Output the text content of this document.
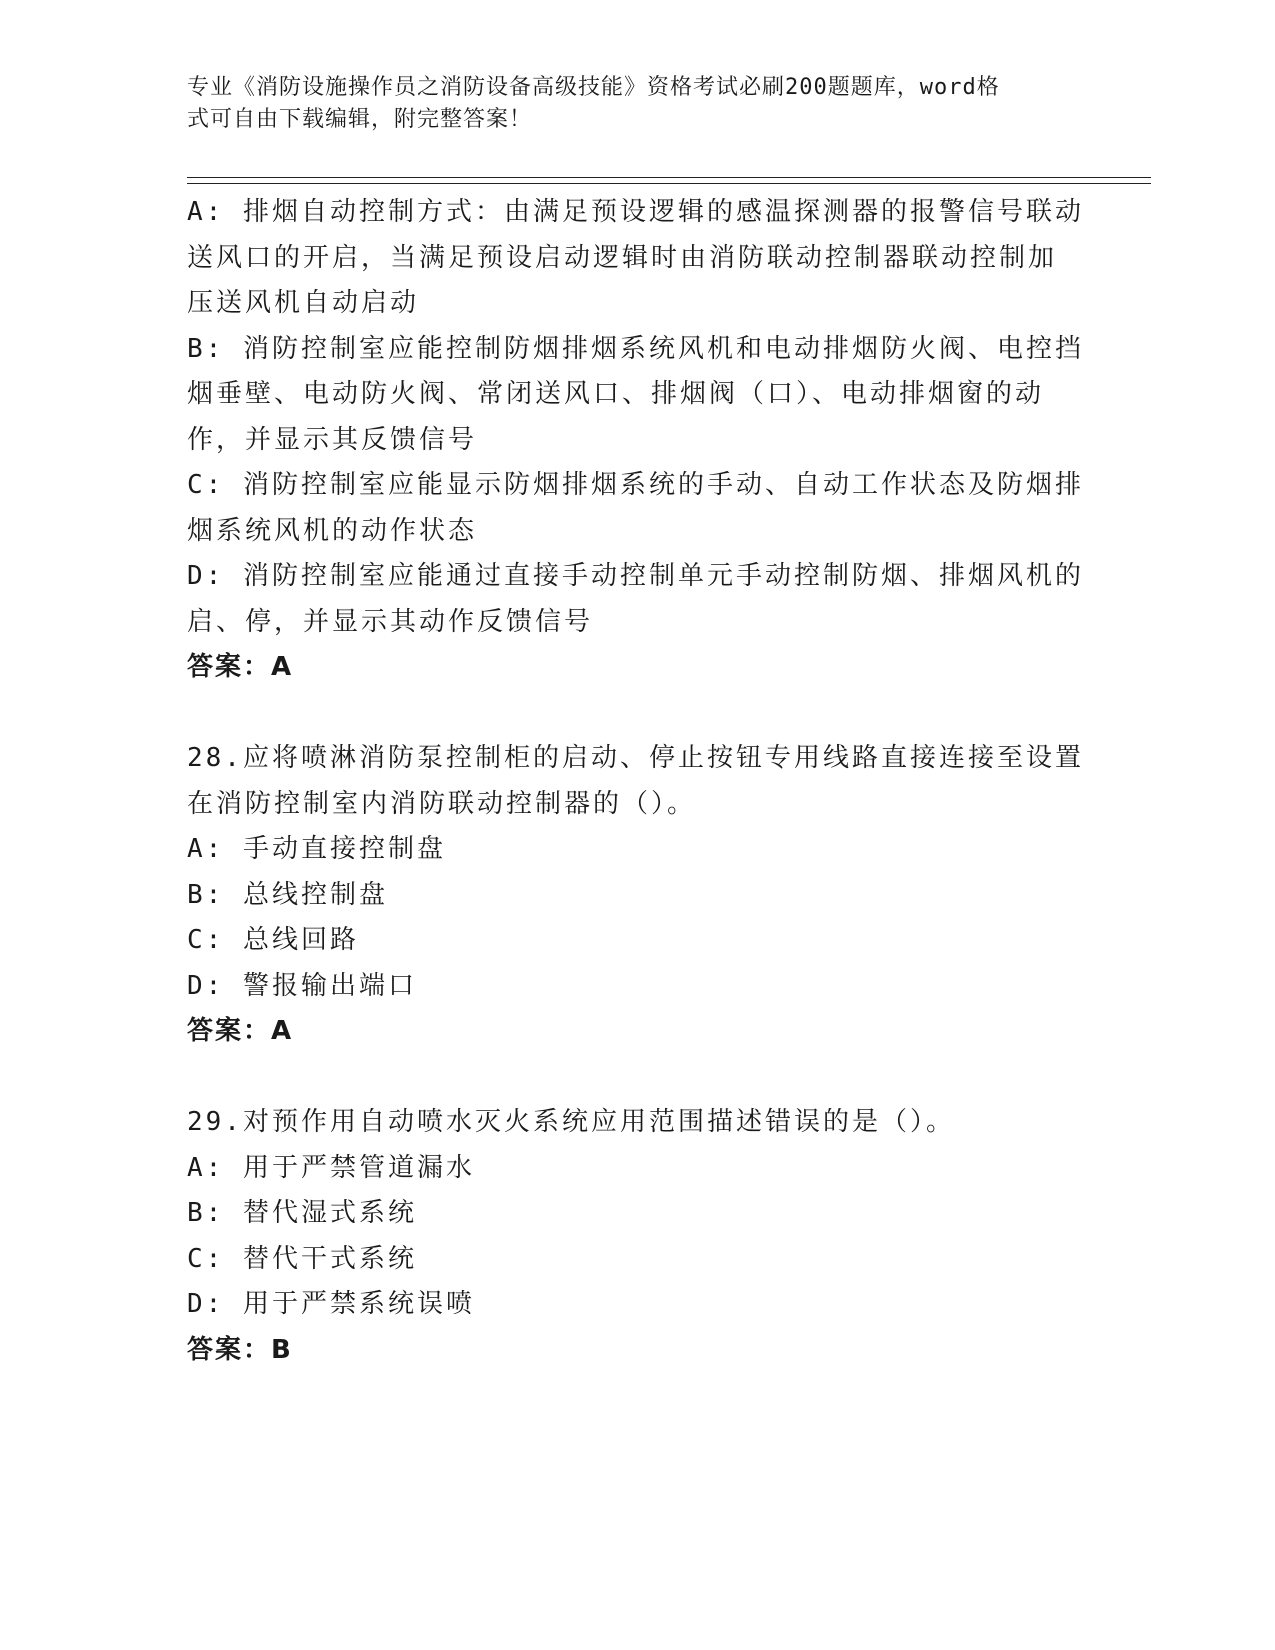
专业《消防设施操作员之消防设备高级技能》资格考试必刷200题题库，word格
式可自由下载编辑，附完整答案！
A: 排烟自动控制方式：由满足预设逻辑的感温探测器的报警信号联动
送风口的开启，当满足预设启动逻辑时由消防联动控制器联动控制加
压送风机自动启动
B: 消防控制室应能控制防烟排烟系统风机和电动排烟防火阀、电控挡
烟垂壁、电动防火阀、常闭送风口、排烟阀（口）、电动排烟窗的动
作，并显示其反馈信号
C: 消防控制室应能显示防烟排烟系统的手动、自动工作状态及防烟排
烟系统风机的动作状态
D: 消防控制室应能通过直接手动控制单元手动控制防烟、排烟风机的
启、停，并显示其动作反馈信号
答案：A
28.应将喷淋消防泵控制柜的启动、停止按钮专用线路直接连接至设置
在消防控制室内消防联动控制器的（）。
A: 手动直接控制盘
B: 总线控制盘
C: 总线回路
D: 警报输出端口
答案：A
29.对预作用自动喷水灭火系统应用范围描述错误的是（）。
A: 用于严禁管道漏水
B: 替代湿式系统
C: 替代干式系统
D: 用于严禁系统误喷
答案：B
